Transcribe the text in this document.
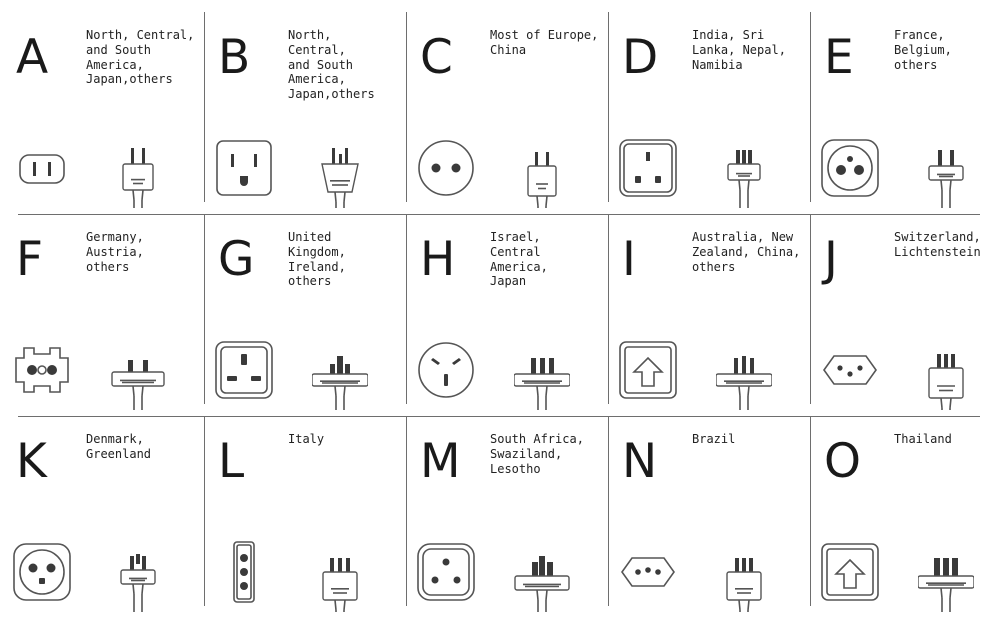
A	North, Central,
and South
America,
Japan,others B	North,
Central,
and South
America,
Japan,others

C	Most of Europe,
China	D	India, Sri
Lanka, Nepal,
Namibia	E	France,
Belgium,
others

F	Germany,
Austria,
others	G	United
Kingdom,
Ireland,
others	H	Israel,
Central
America,
Japan	I	Australia, New
Zealand, China,
others	J	Switzerland,
Lichtenstein

K	Denmark,
Greenland	L	Italy	M South Africa,
Swaziland,
Lesotho	N	Brazil	O	Thailand
